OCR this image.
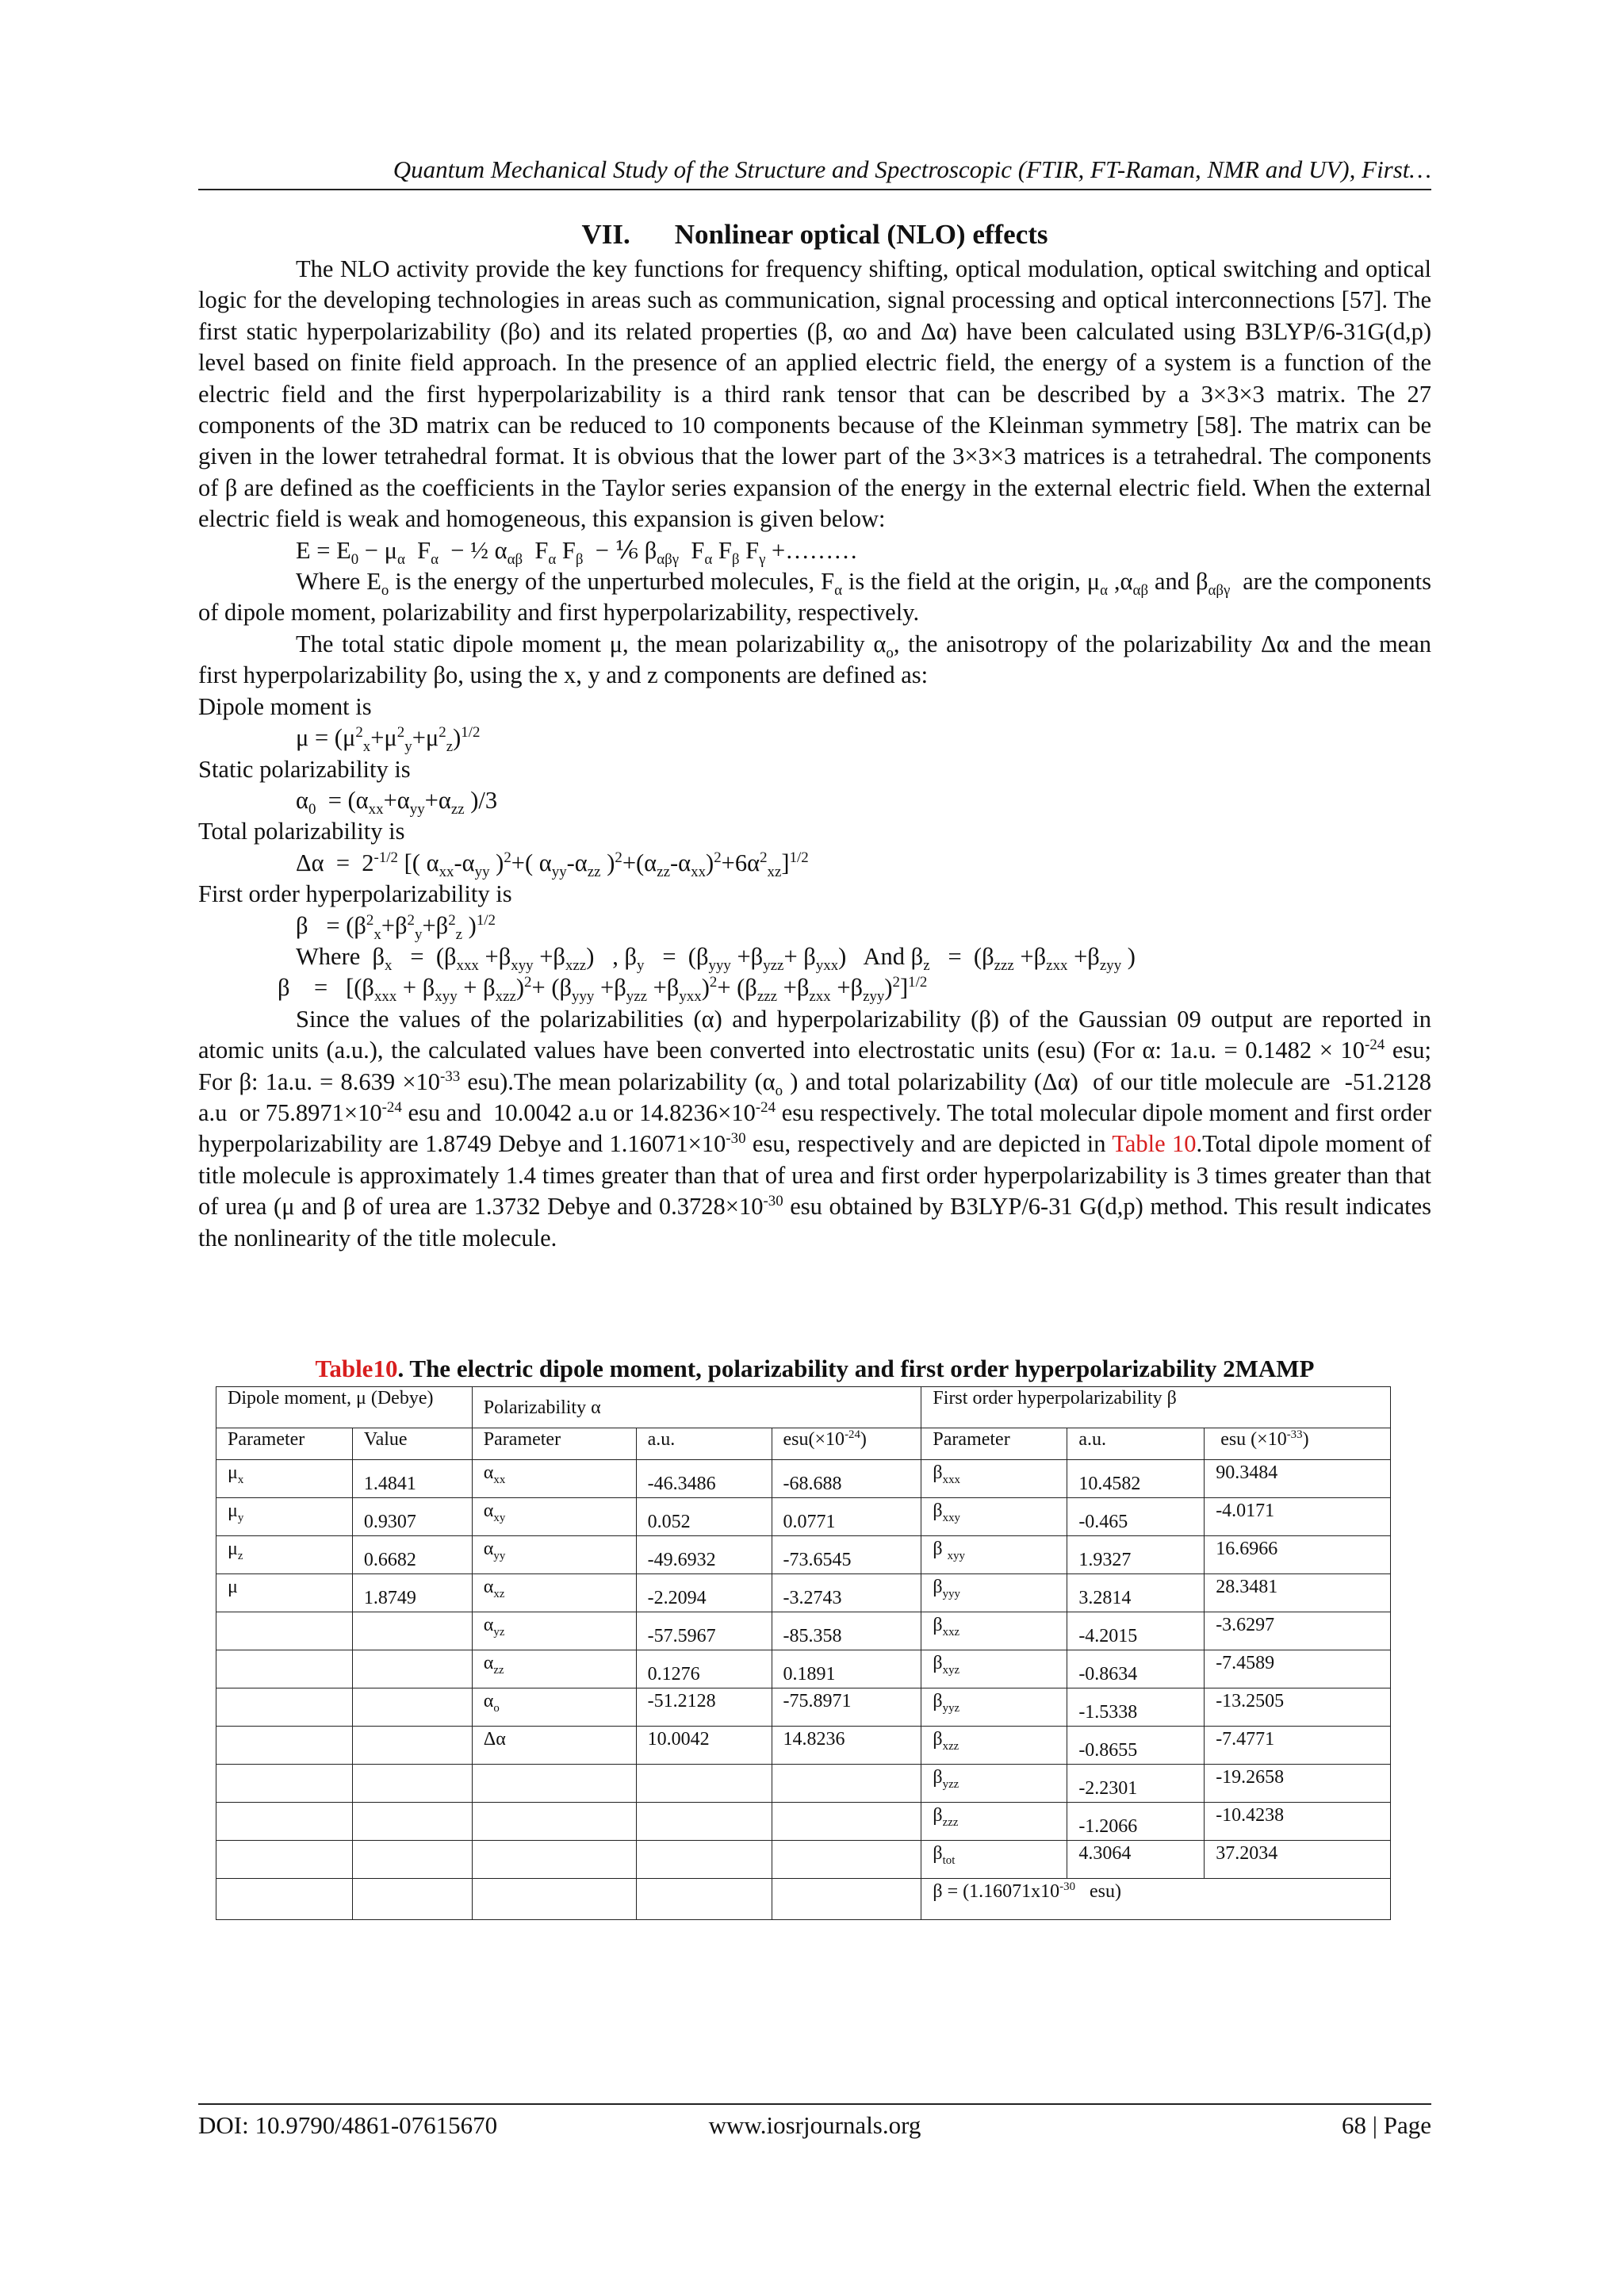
Quantum Mechanical Study of the Structure and Spectroscopic (FTIR, FT-Raman, NMR and UV), First…
VII. Nonlinear optical (NLO) effects

The NLO activity provide the key functions for frequency shifting, optical modulation, optical switching and optical logic for the developing technologies in areas such as communication, signal processing and optical interconnections [57]. The first static hyperpolarizability (βo) and its related properties (β, αo and Δα) have been calculated using B3LYP/6-31G(d,p) level based on finite field approach. In the presence of an applied electric field, the energy of a system is a function of the electric field and the first hyperpolarizability is a third rank tensor that can be described by a 3×3×3 matrix. The 27 components of the 3D matrix can be reduced to 10 components because of the Kleinman symmetry [58]. The matrix can be given in the lower tetrahedral format. It is obvious that the lower part of the 3×3×3 matrices is a tetrahedral. The components of β are defined as the coefficients in the Taylor series expansion of the energy in the external electric field. When the external electric field is weak and homogeneous, this expansion is given below:

$E = E_0 - \mu_\alpha$  $F_\alpha$  − ½ $\alpha_{\alpha\beta}$  $F_\alpha$ $F_\beta$  − ⅙ $\beta_{\alpha\beta\gamma}$  $F_\alpha$ $F_\beta$ $F_\gamma$ +………

Where $E_o$ is the energy of the unperturbed molecules, $F_\alpha$ is the field at the origin, $\mu_\alpha$ $,\alpha_{\alpha\beta}$ and $\beta_{\alpha\beta\gamma}$  are the components of dipole moment, polarizability and first hyperpolarizability, respectively.

The total static dipole moment μ, the mean polarizability $\alpha_o$, the anisotropy of the polarizability Δα and the mean first hyperpolarizability βo, using the x, y and z components are defined as:

Dipole moment is

$\mu = (\mu^2_x+\mu^2_y+\mu^2_z)^{1/2}$

Static polarizability is

$\alpha_0 = (\alpha_{xx}+\alpha_{yy}+\alpha_{zz}$ )/3

Total polarizability is

$\Delta\alpha = 2^{-1/2}$ [( $\alpha_{xx}-\alpha_{yy}$ )$^2$+( $\alpha_{yy}-\alpha_{zz}$ )$^2+(\alpha_{zz}-\alpha_{xx})^2+6\alpha^2_{xz}]^{1/2}$

First order hyperpolarizability is

$\beta = (\beta^2_x+\beta^2_y+\beta^2_z$ )$^{1/2}$

Where  $\beta_x = (\beta_{xxx} +\beta_{xyy} +\beta_{xzz})$   , $\beta_y = (\beta_{yyy} +\beta_{yzz}+ \beta_{yxx})$   And $\beta_z = (\beta_{zzz} +\beta_{zxx} +\beta_{zyy}$ )

β    =   $[(\beta_{xxx} + \beta_{xyy} + \beta_{xzz})^2+ (\beta_{yyy} +\beta_{yzz} +\beta_{yxx})^2+ (\beta_{zzz} +\beta_{zxx} +\beta_{zyy})^2]^{1/2}$

Since the values of the polarizabilities (α) and hyperpolarizability (β) of the Gaussian 09 output are reported in atomic units (a.u.), the calculated values have been converted into electrostatic units (esu) (For α: 1a.u. = $0.1482 \times 10^{-24}$ esu; For β: 1a.u. = $8.639 \times 10^{-33}$ esu).The mean polarizability ($\alpha_o$ ) and total polarizability (Δα)  of our title molecule are  -51.2128 a.u  or $75.8971\times 10^{-24}$ esu and  10.0042 a.u or $14.8236\times 10^{-24}$ esu respectively. The total molecular dipole moment and first order hyperpolarizability are 1.8749 Debye and $1.16071\times 10^{-30}$ esu, respectively and are depicted in Table 10.Total dipole moment of title molecule is approximately 1.4 times greater than that of urea and first order hyperpolarizability is 3 times greater than that of urea (μ and β of urea are 1.3732 Debye and $0.3728\times 10^{-30}$ esu obtained by B3LYP/6-31 G(d,p) method. This result indicates the nonlinearity of the title molecule.

Table10. The electric dipole moment, polarizability and first order hyperpolarizability 2MAMP
Dipole moment, μ (Debye)		Polarizability α			First order hyperpolarizability β		
Parameter	Value	Parameter	a.u.	$esu(\times 10^{-24})$	Parameter	a.u.	esu $(\times 10^{-33})$
$\mu_x$	1.4841	$\alpha_{xx}$	-46.3486	-68.688	$\beta_{xxx}$	10.4582	90.3484
$\mu_y$	0.9307	$\alpha_{xy}$	0.052	0.0771	$\beta_{xxy}$	-0.465	-4.0171
$\mu_z$	0.6682	$\alpha_{yy}$	-49.6932	-73.6545	β $_{xyy}$	1.9327	16.6966
μ	1.8749	$\alpha_{xz}$	-2.2094	-3.2743	$\beta_{yyy}$	3.2814	28.3481
		$\alpha_{yz}$	-57.5967	-85.358	$\beta_{xxz}$	-4.2015	-3.6297
		$\alpha_{zz}$	0.1276	0.1891	$\beta_{xyz}$	-0.8634	-7.4589
		$\alpha_o$	-51.2128	-75.8971	$\beta_{yyz}$	-1.5338	-13.2505
		Δα	10.0042	14.8236	$\beta_{xzz}$	-0.8655	-7.4771
					$\beta_{yzz}$	-2.2301	-19.2658
					$\beta_{zzz}$	-1.2066	-10.4238
					$\beta_{tot}$	4.3064	37.2034
					$\beta = (1.16071x10^{-30}$   esu)		
DOI: 10.9790/4861-07615670	www.iosrjournals.org	68 | Page
